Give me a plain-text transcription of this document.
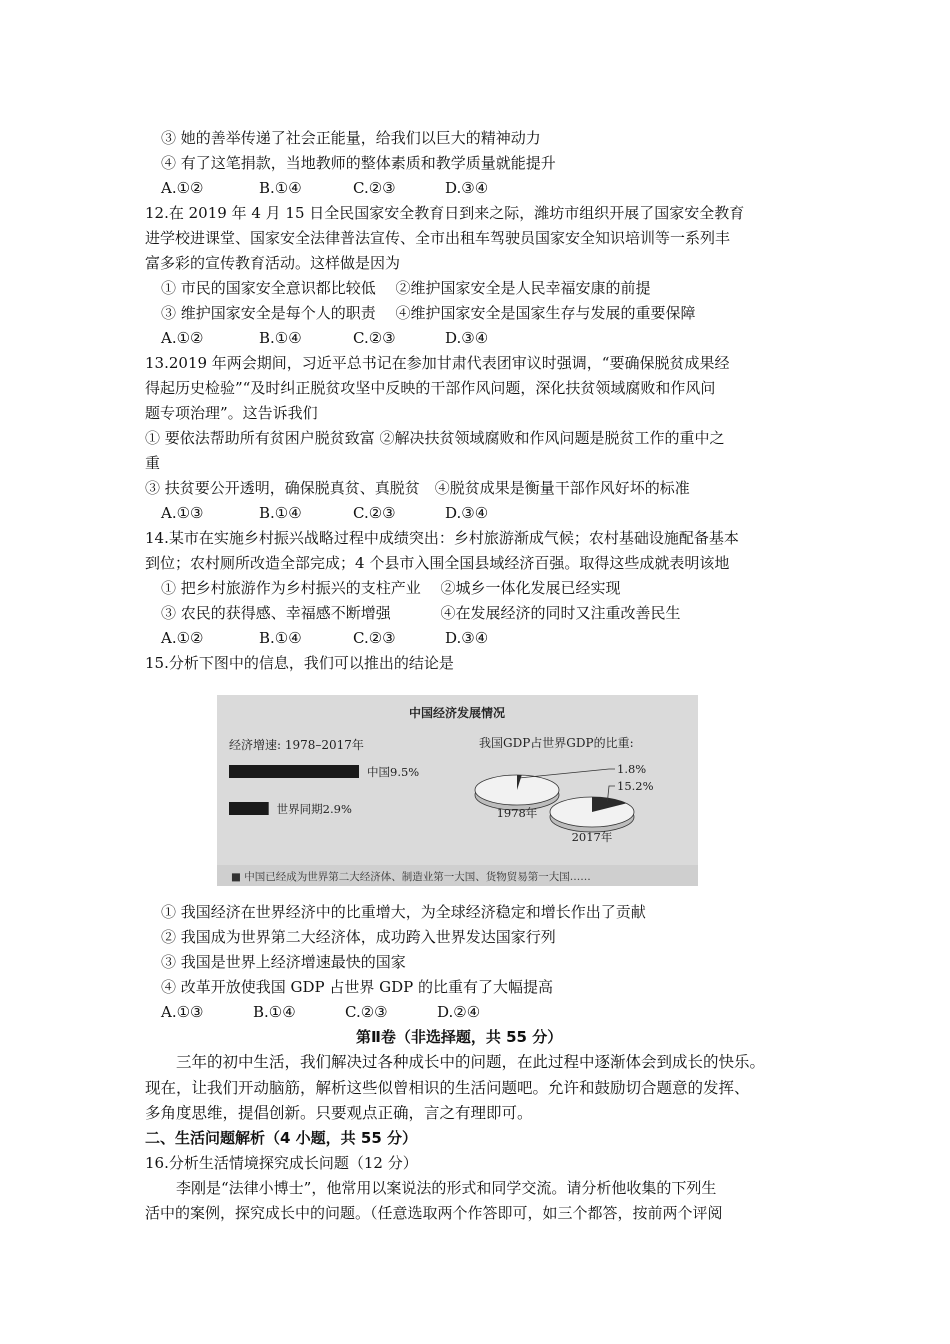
③ 她的善举传递了社会正能量，给我们以巨大的精神动力
④ 有了这笔捐款，当地教师的整体素质和教学质量就能提升
A.①②	B.①④	C.②③	D.③④
12.在 2019 年 4 月 15 日全民国家安全教育日到来之际，潍坊市组织开展了国家安全教育
进学校进课堂、国家安全法律普法宣传、全市出租车驾驶员国家安全知识培训等一系列丰
富多彩的宣传教育活动。这样做是因为
① 市民的国家安全意识都比较低　 ②维护国家安全是人民幸福安康的前提
③ 维护国家安全是每个人的职责　 ④维护国家安全是国家生存与发展的重要保障
A.①②	B.①④	C.②③	D.③④
13.2019 年两会期间，习近平总书记在参加甘肃代表团审议时强调，“要确保脱贫成果经
得起历史检验”“及时纠正脱贫攻坚中反映的干部作风问题，深化扶贫领域腐败和作风问
题专项治理”。这告诉我们
① 要依法帮助所有贫困户脱贫致富 ②解决扶贫领域腐败和作风问题是脱贫工作的重中之
重
③ 扶贫要公开透明，确保脱真贫、真脱贫　④脱贫成果是衡量干部作风好坏的标准
A.①③	B.①④	C.②③	D.③④
14.某市在实施乡村振兴战略过程中成绩突出：乡村旅游渐成气候；农村基础设施配备基本
到位；农村厕所改造全部完成；4 个县市入围全国县域经济百强。取得这些成就表明该地
① 把乡村旅游作为乡村振兴的支柱产业　 ②城乡一体化发展已经实现
③ 农民的获得感、幸福感不断增强　　　 ④在发展经济的同时又注重改善民生
A.①②	B.①④	C.②③	D.③④
15.分析下图中的信息，我们可以推出的结论是
中国经济发展情况
经济增速: 1978–2017年	我国GDP占世界GDP的比重:
中国9.5%
世界同期2.9%
1.8%
1978年
15.2%
2017年
■ 中国已经成为世界第二大经济体、制造业第一大国、货物贸易第一大国……
① 我国经济在世界经济中的比重增大，为全球经济稳定和增长作出了贡献
② 我国成为世界第二大经济体，成功跨入世界发达国家行列
③ 我国是世界上经济增速最快的国家
④ 改革开放使我国 GDP 占世界 GDP 的比重有了大幅提高
A.①③	B.①④	C.②③	D.②④
第Ⅱ卷（非选择题，共 55 分）
三年的初中生活，我们解决过各种成长中的问题，在此过程中逐渐体会到成长的快乐。
现在，让我们开动脑筋，解析这些似曾相识的生活问题吧。允许和鼓励切合题意的发挥、
多角度思维，提倡创新。只要观点正确，言之有理即可。
二、生活问题解析（4 小题，共 55 分）
16.分析生活情境探究成长问题（12 分）
李刚是“法律小博士”，他常用以案说法的形式和同学交流。请分析他收集的下列生
活中的案例，探究成长中的问题。（任意选取两个作答即可，如三个都答，按前两个评阅
